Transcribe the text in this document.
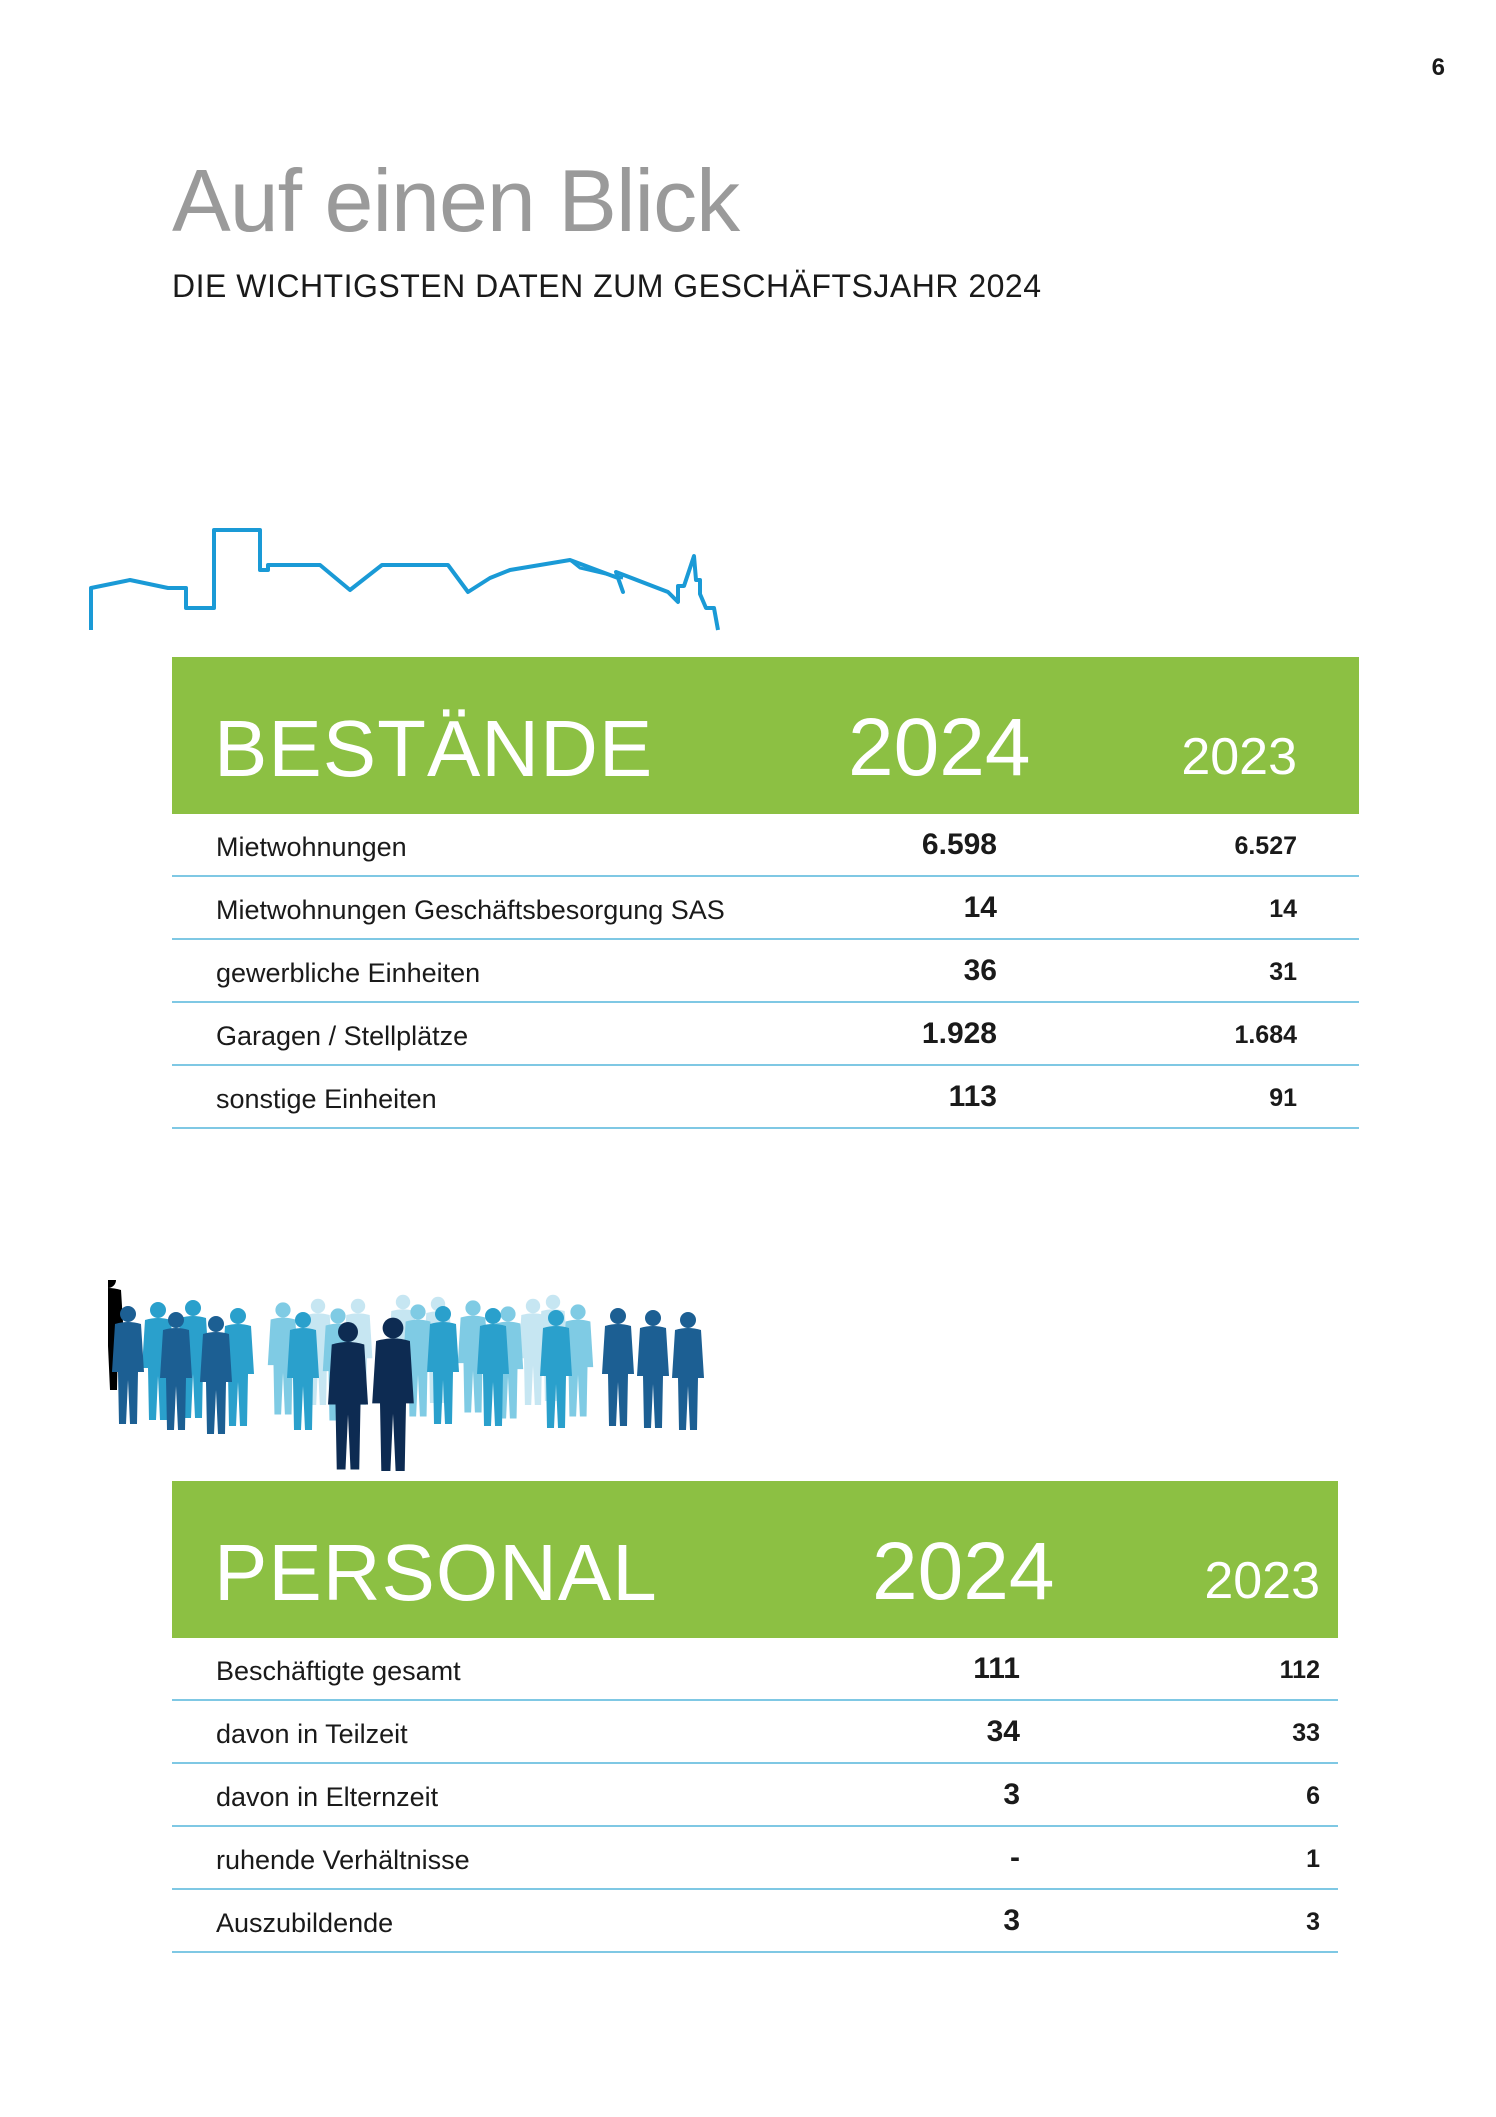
6
Auf einen Blick
DIE WICHTIGSTEN DATEN ZUM GESCHÄFTSJAHR 2024
BESTÄNDE 2024	2023
Mietwohnungen	6.598	6.527
Mietwohnungen Geschäftsbesorgung SAS	14	14
gewerbliche Einheiten	36	31
Garagen / Stellplätze	1.928	1.684
sonstige Einheiten	113	91
PERSONAL	2024	2023
Beschäftigte gesamt	111	112
davon in Teilzeit	34	33
davon in Elternzeit	3	6
ruhende Verhältnisse	-	1
Auszubildende	3	3
